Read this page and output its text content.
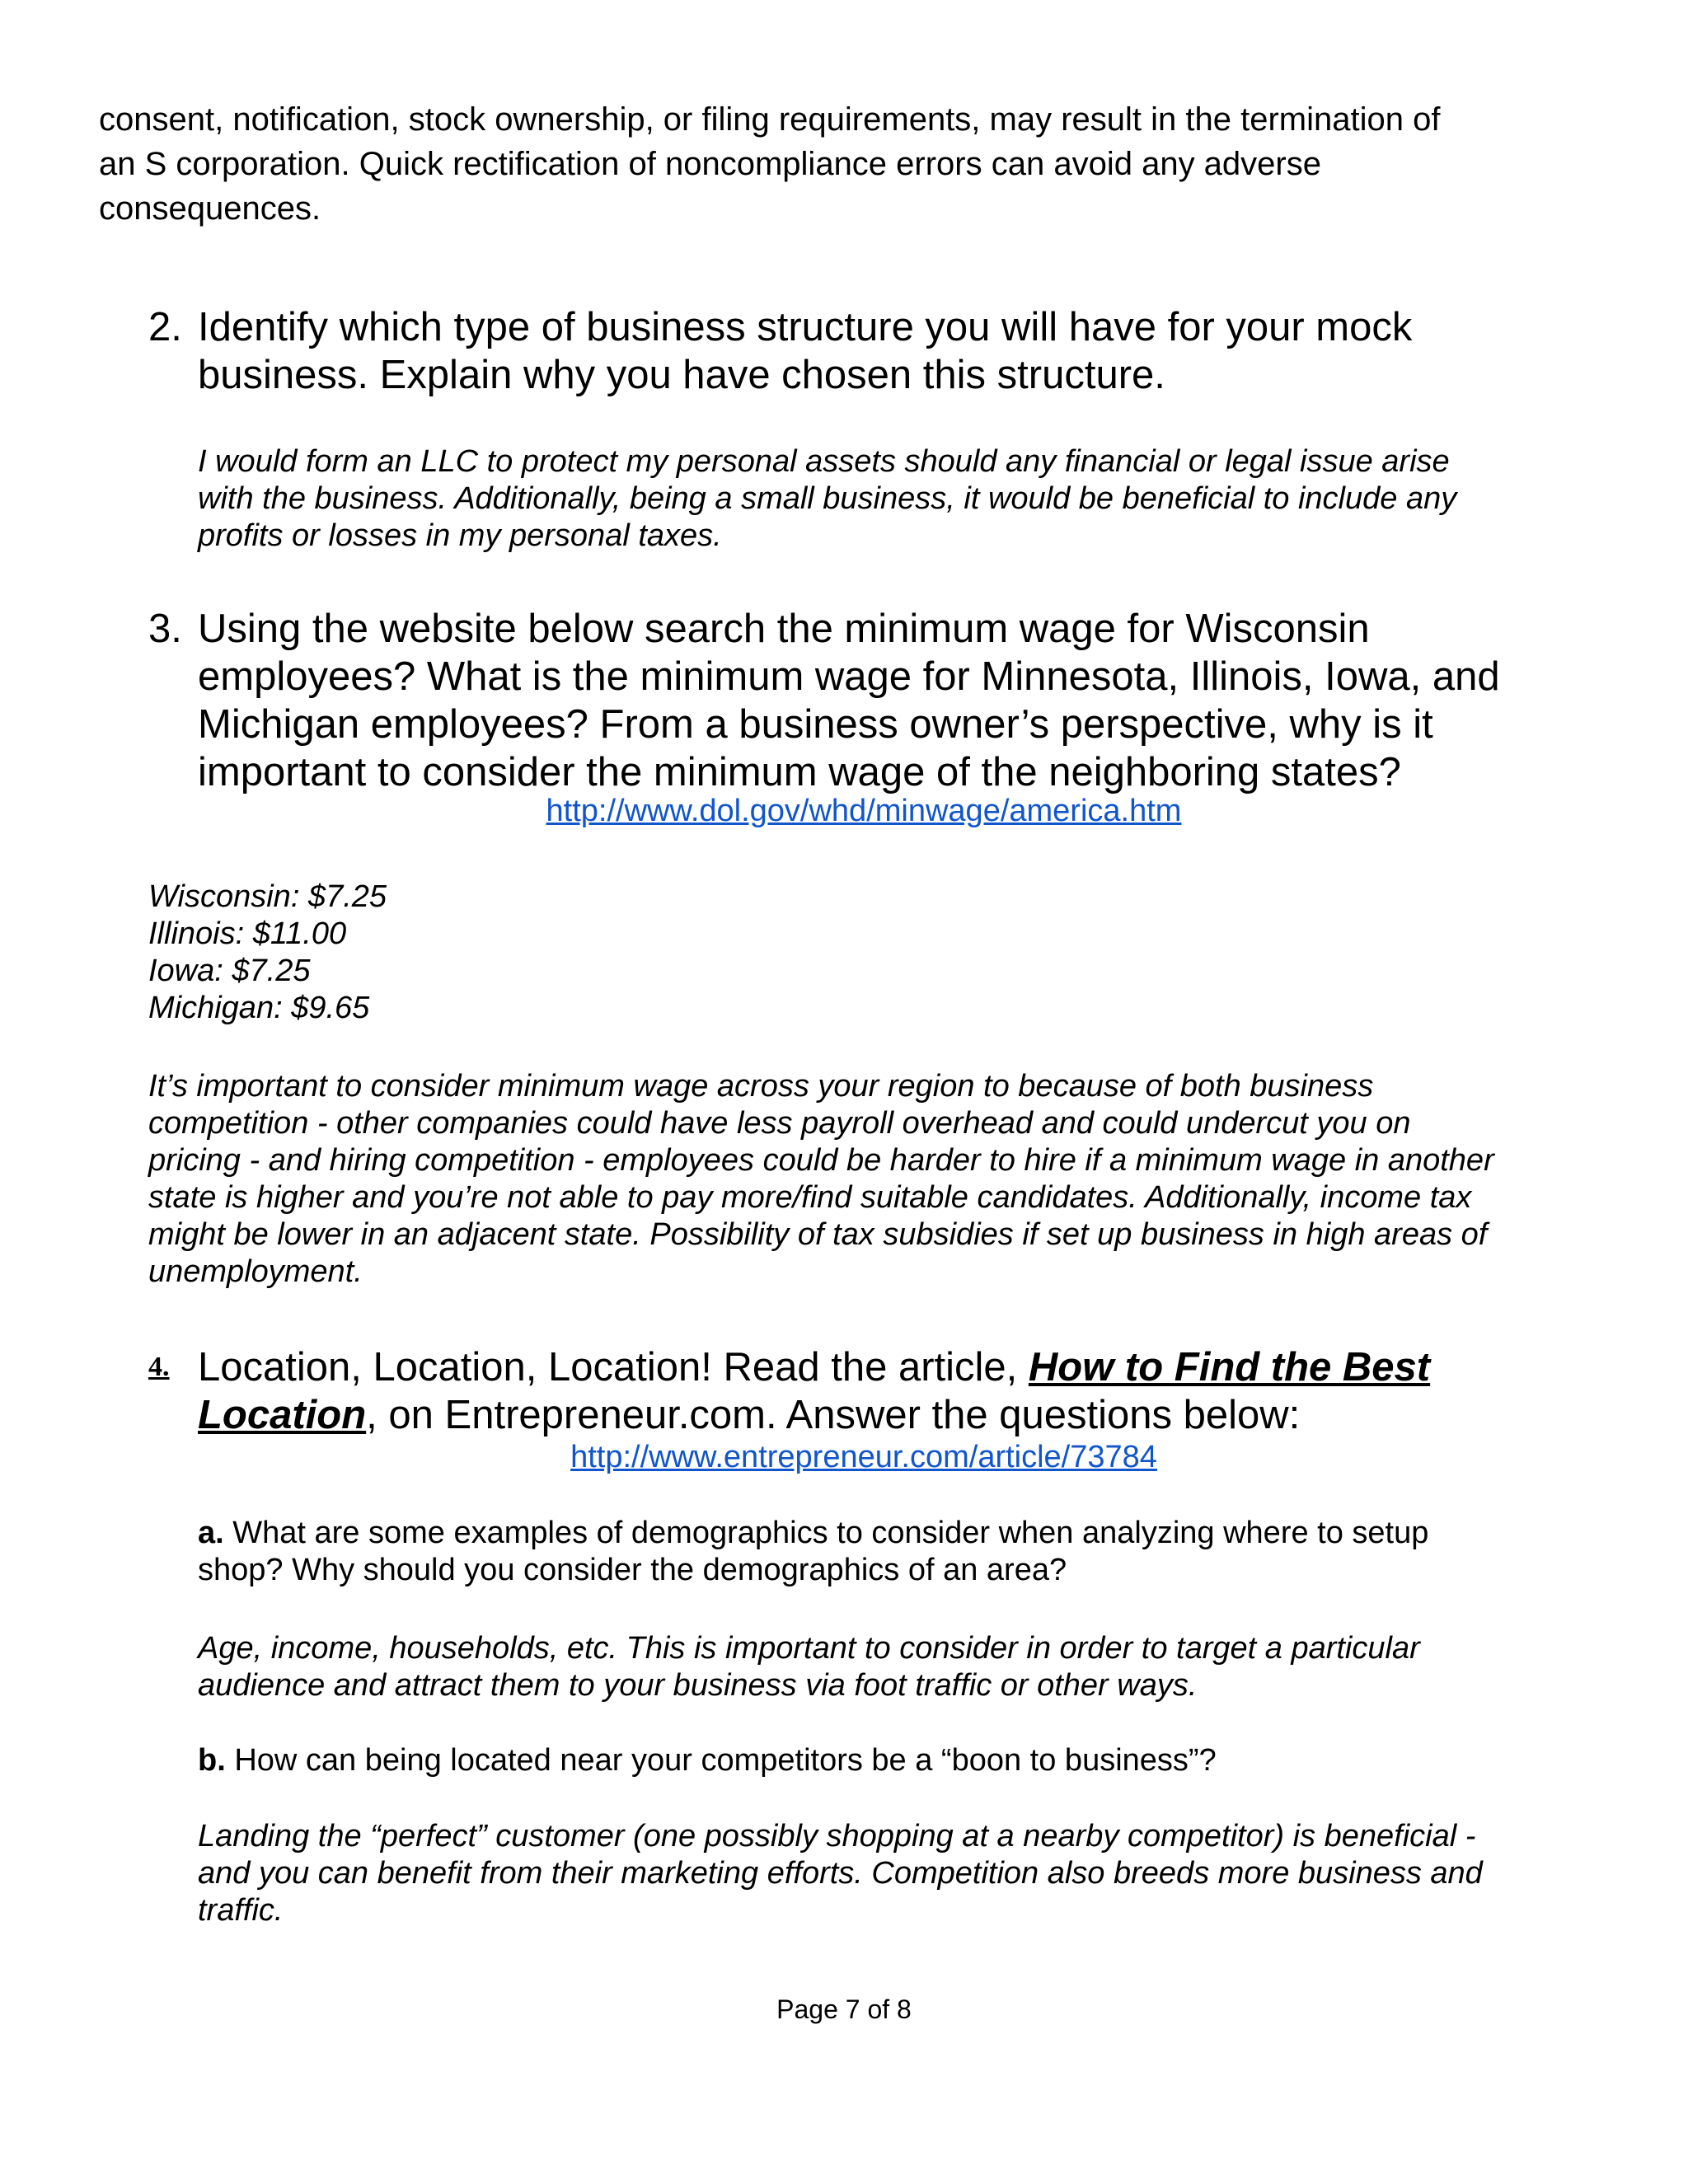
consent, notification, stock ownership, or filing requirements, may result in the termination of
an S corporation. Quick rectification of noncompliance errors can avoid any adverse
consequences.
2. Identify which type of business structure you will have for your mock
business. Explain why you have chosen this structure.
I would form an LLC to protect my personal assets should any financial or legal issue arise
with the business. Additionally, being a small business, it would be beneficial to include any
profits or losses in my personal taxes.
3. Using the website below search the minimum wage for Wisconsin
employees? What is the minimum wage for Minnesota, Illinois, Iowa, and
Michigan employees? From a business owner’s perspective, why is it
important to consider the minimum wage of the neighboring states?
http://www.dol.gov/whd/minwage/america.htm
Wisconsin: $7.25
Illinois: $11.00
Iowa: $7.25
Michigan: $9.65
It’s important to consider minimum wage across your region to because of both business
competition - other companies could have less payroll overhead and could undercut you on
pricing - and hiring competition - employees could be harder to hire if a minimum wage in another
state is higher and you’re not able to pay more/find suitable candidates. Additionally, income tax
might be lower in an adjacent state. Possibility of tax subsidies if set up business in high areas of
unemployment.
4. Location, Location, Location! Read the article, How to Find the Best
Location, on Entrepreneur.com. Answer the questions below:
http://www.entrepreneur.com/article/73784
a. What are some examples of demographics to consider when analyzing where to setup
shop? Why should you consider the demographics of an area?
Age, income, households, etc. This is important to consider in order to target a particular
audience and attract them to your business via foot traffic or other ways.
b. How can being located near your competitors be a “boon to business”?
Landing the “perfect” customer (one possibly shopping at a nearby competitor) is beneficial -
and you can benefit from their marketing efforts. Competition also breeds more business and
traffic.
Page 7 of 8
